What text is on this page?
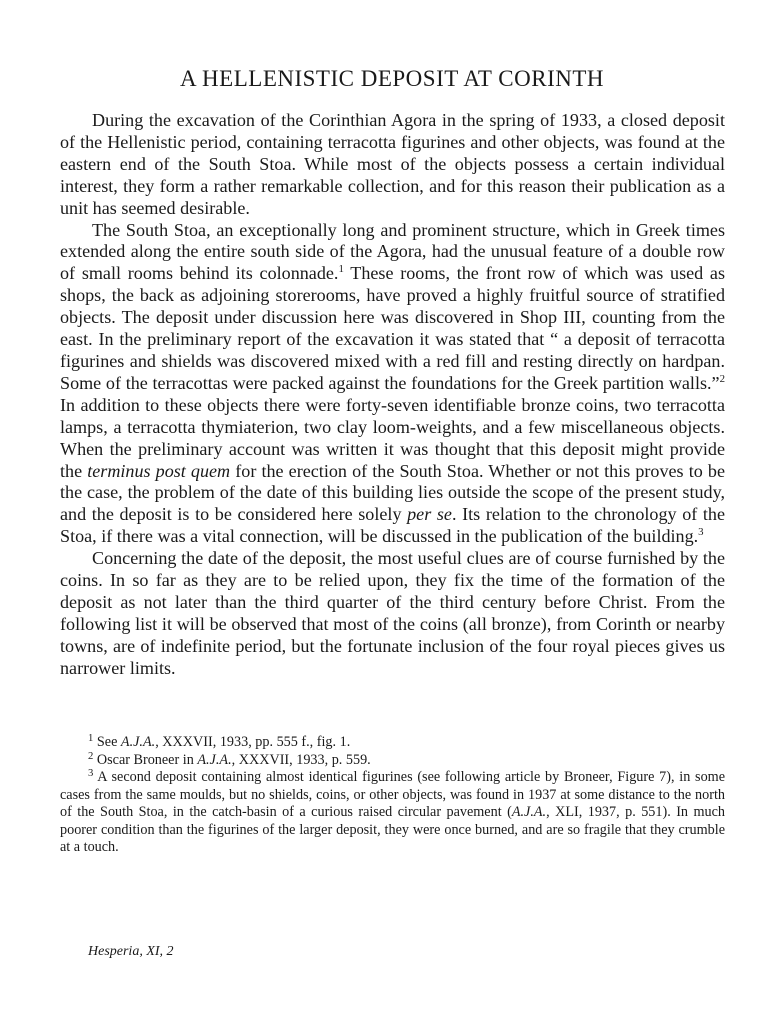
A HELLENISTIC DEPOSIT AT CORINTH

During the excavation of the Corinthian Agora in the spring of 1933, a closed deposit of the Hellenistic period, containing terracotta figurines and other objects, was found at the eastern end of the South Stoa. While most of the objects possess a certain individual interest, they form a rather remarkable collection, and for this reason their publication as a unit has seemed desirable.

The South Stoa, an exceptionally long and prominent structure, which in Greek times extended along the entire south side of the Agora, had the unusual feature of a double row of small rooms behind its colonnade.$^1$ These rooms, the front row of which was used as shops, the back as adjoining storerooms, have proved a highly fruitful source of stratified objects. The deposit under discussion here was discovered in Shop III, counting from the east. In the preliminary report of the excavation it was stated that “ a deposit of terracotta figurines and shields was discovered mixed with a red fill and resting directly on hardpan. Some of the terracottas were packed against the foundations for the Greek partition walls.”$^2$ In addition to these objects there were forty-seven identifiable bronze coins, two terracotta lamps, a terracotta thymiaterion, two clay loom-weights, and a few miscellaneous objects. When the preliminary account was written it was thought that this deposit might provide the terminus post quem for the erection of the South Stoa. Whether or not this proves to be the case, the problem of the date of this building lies outside the scope of the present study, and the deposit is to be considered here solely per se. Its relation to the chronology of the Stoa, if there was a vital connection, will be discussed in the publication of the building.$^3$

Concerning the date of the deposit, the most useful clues are of course furnished by the coins. In so far as they are to be relied upon, they fix the time of the formation of the deposit as not later than the third quarter of the third century before Christ. From the following list it will be observed that most of the coins (all bronze), from Corinth or nearby towns, are of indefinite period, but the fortunate inclusion of the four royal pieces gives us narrower limits.

$^1$ See A.J.A., XXXVII, 1933, pp. 555 f., fig. 1.

$^2$ Oscar Broneer in A.J.A., XXXVII, 1933, p. 559.

$^3$ A second deposit containing almost identical figurines (see following article by Broneer, Figure 7), in some cases from the same moulds, but no shields, coins, or other objects, was found in 1937 at some distance to the north of the South Stoa, in the catch-basin of a curious raised circular pavement (A.J.A., XLI, 1937, p. 551). In much poorer condition than the figurines of the larger deposit, they were once burned, and are so fragile that they crumble at a touch.

Hesperia, XI, 2
